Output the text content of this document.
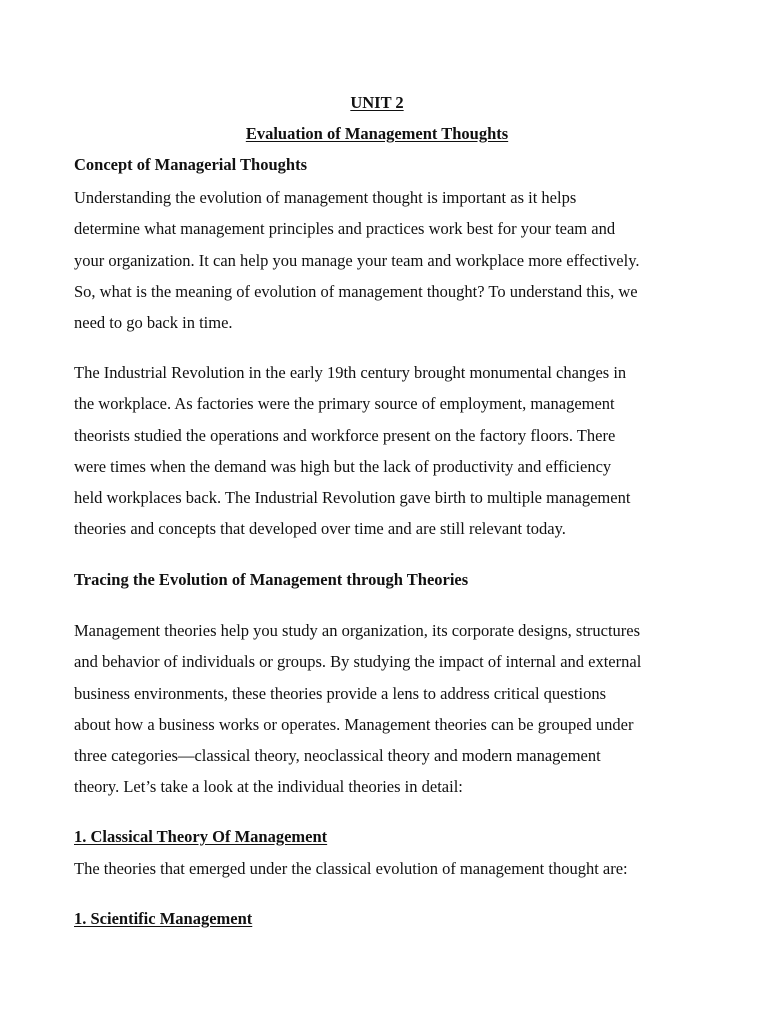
UNIT 2

Evaluation of Management Thoughts

Concept of Managerial Thoughts

Understanding the evolution of management thought is important as it helps
determine what management principles and practices work best for your team and
your organization. It can help you manage your team and workplace more effectively.
So, what is the meaning of evolution of management thought? To understand this, we
need to go back in time.
The Industrial Revolution in the early 19th century brought monumental changes in
the workplace. As factories were the primary source of employment, management
theorists studied the operations and workforce present on the factory floors. There
were times when the demand was high but the lack of productivity and efficiency
held workplaces back. The Industrial Revolution gave birth to multiple management
theories and concepts that developed over time and are still relevant today.

Tracing the Evolution of Management through Theories

Management theories help you study an organization, its corporate designs, structures
and behavior of individuals or groups. By studying the impact of internal and external
business environments, these theories provide a lens to address critical questions
about how a business works or operates. Management theories can be grouped under
three categories—classical theory, neoclassical theory and modern management
theory. Let’s take a look at the individual theories in detail:

1. Classical Theory Of Management

The theories that emerged under the classical evolution of management thought are:

1. Scientific Management
